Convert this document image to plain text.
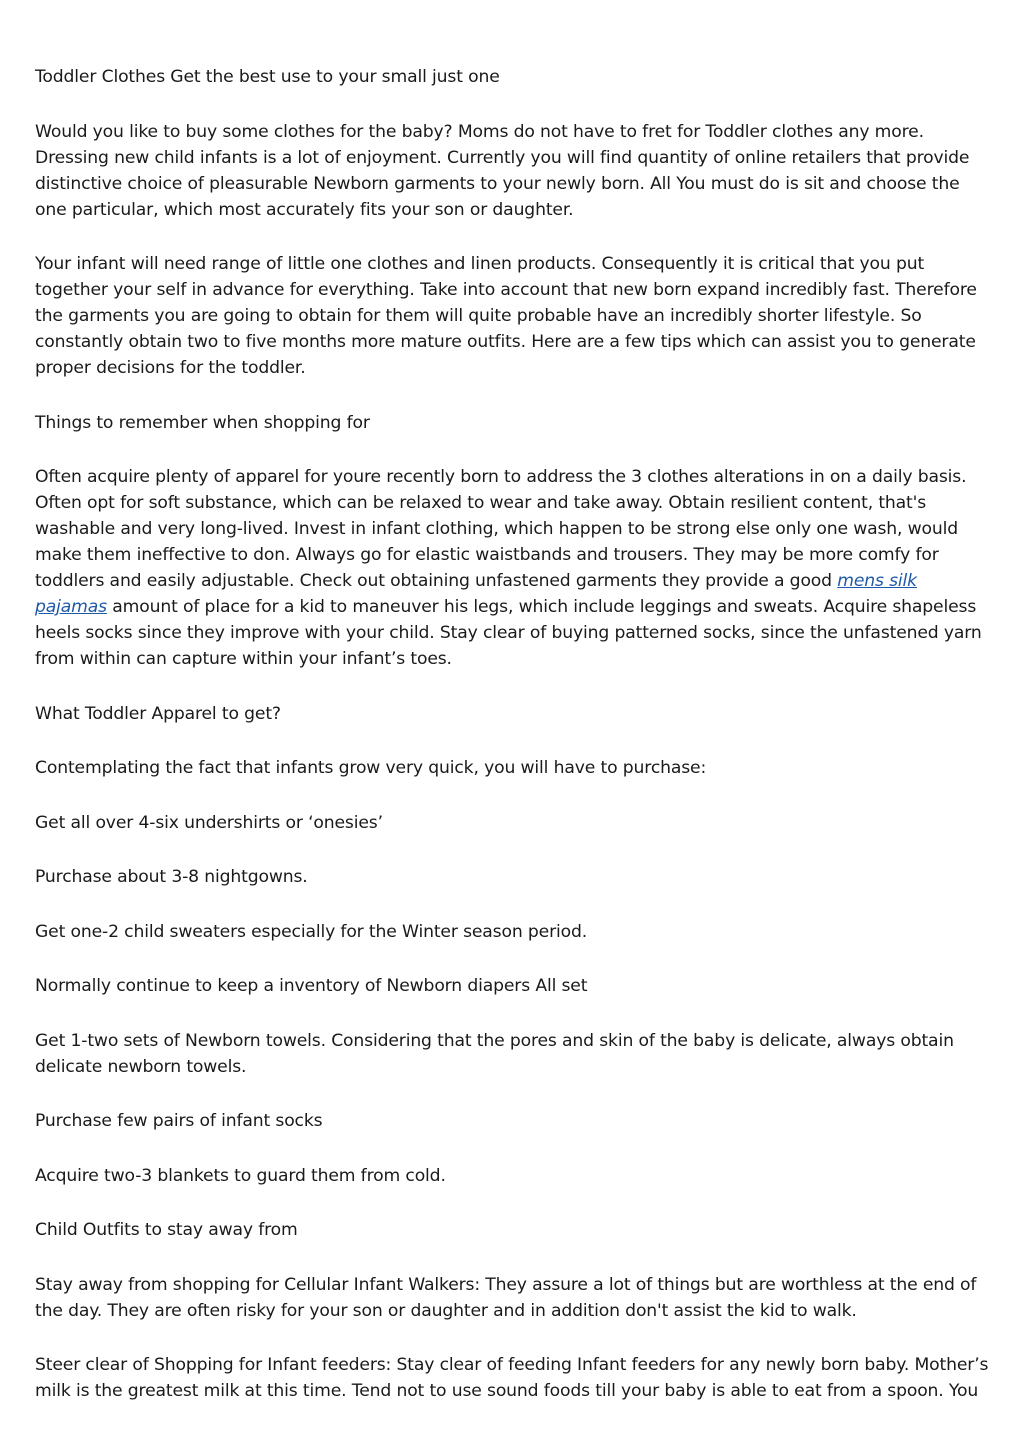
Toddler Clothes Get the best use to your small just one

Would you like to buy some clothes for the baby? Moms do not have to fret for Toddler clothes any more. Dressing new child infants is a lot of enjoyment. Currently you will find quantity of online retailers that provide distinctive choice of pleasurable Newborn garments to your newly born. All You must do is sit and choose the one particular, which most accurately fits your son or daughter.

Your infant will need range of little one clothes and linen products. Consequently it is critical that you put together your self in advance for everything. Take into account that new born expand incredibly fast. Therefore the garments you are going to obtain for them will quite probable have an incredibly shorter lifestyle. So constantly obtain two to five months more mature outfits. Here are a few tips which can assist you to generate proper decisions for the toddler.

Things to remember when shopping for

Often acquire plenty of apparel for youre recently born to address the 3 clothes alterations in on a daily basis. Often opt for soft substance, which can be relaxed to wear and take away. Obtain resilient content, that's washable and very long-lived. Invest in infant clothing, which happen to be strong else only one wash, would make them ineffective to don. Always go for elastic waistbands and trousers. They may be more comfy for toddlers and easily adjustable. Check out obtaining unfastened garments they provide a good mens silk pajamas amount of place for a kid to maneuver his legs, which include leggings and sweats. Acquire shapeless heels socks since they improve with your child. Stay clear of buying patterned socks, since the unfastened yarn from within can capture within your infant’s toes.

What Toddler Apparel to get?

Contemplating the fact that infants grow very quick, you will have to purchase:

Get all over 4-six undershirts or ‘onesies’

Purchase about 3-8 nightgowns.

Get one-2 child sweaters especially for the Winter season period.

Normally continue to keep a inventory of Newborn diapers All set

Get 1-two sets of Newborn towels. Considering that the pores and skin of the baby is delicate, always obtain delicate newborn towels.

Purchase few pairs of infant socks

Acquire two-3 blankets to guard them from cold.

Child Outfits to stay away from

Stay away from shopping for Cellular Infant Walkers: They assure a lot of things but are worthless at the end of the day. They are often risky for your son or daughter and in addition don't assist the kid to walk.

Steer clear of Shopping for Infant feeders: Stay clear of feeding Infant feeders for any newly born baby. Mother’s milk is the greatest milk at this time. Tend not to use sound foods till your baby is able to eat from a spoon. You
